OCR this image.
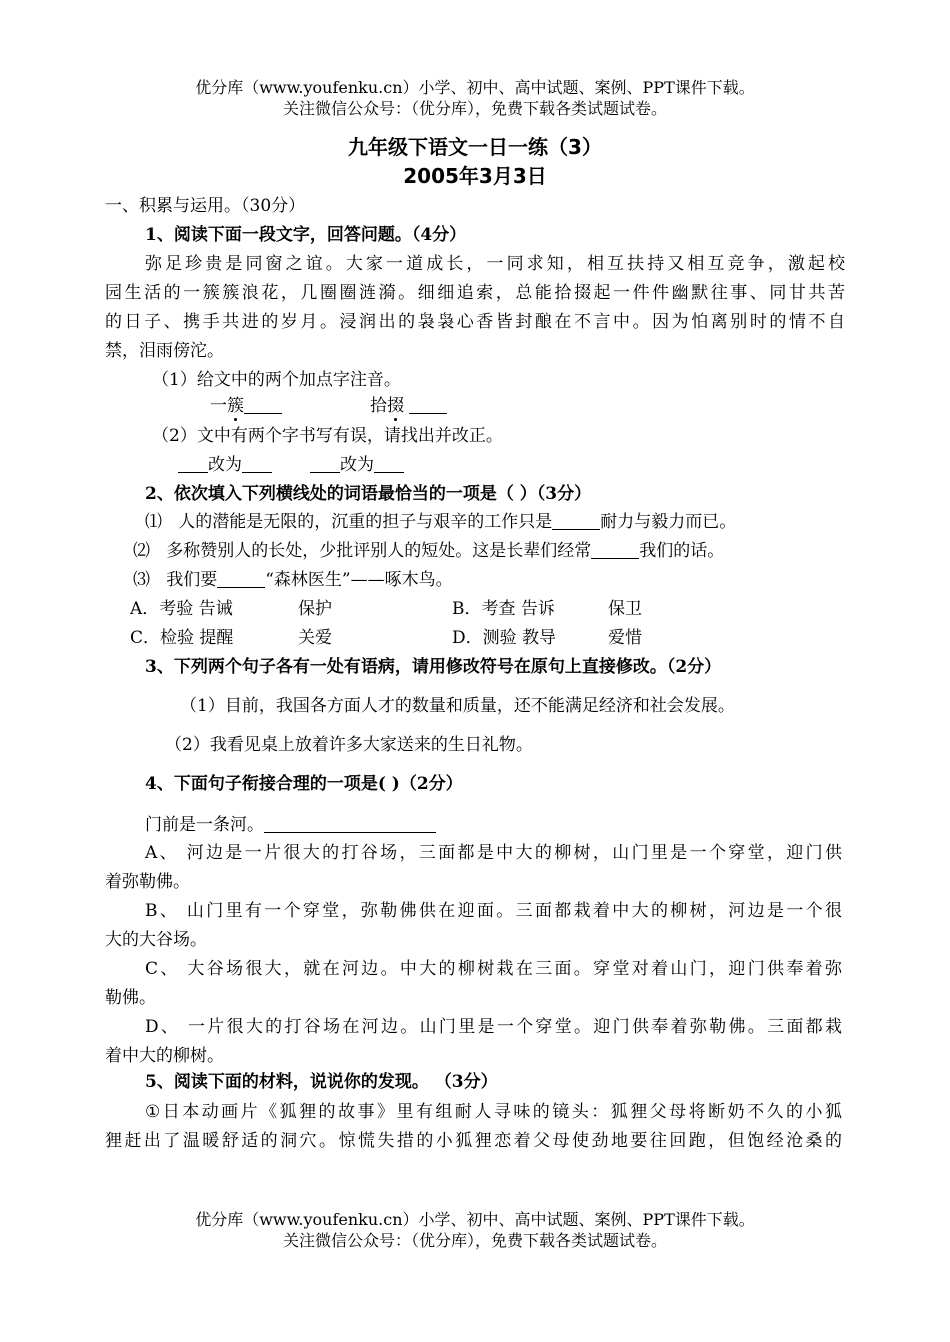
优分库（www.youfenku.cn）小学、初中、高中试题、案例、PPT课件下载。
关注微信公众号：（优分库），免费下载各类试题试卷。
九年级下语文一日一练（3）
2005年3月3日
一、积累与运用。（30分）
1、阅读下面一段文字，回答问题。（4分）
弥足珍贵是同窗之谊。大家一道成长，一同求知，相互扶持又相互竞争，激起校
园生活的一簇簇浪花，几圈圈涟漪。细细追索，总能拾掇起一件件幽默往事、同甘共苦
的日子、携手共进的岁月。浸润出的袅袅心香皆封酿在不言中。因为怕离别时的情不自
禁，泪雨傍沱。
（1）给文中的两个加点字注音。
一簇	拾掇
（2）文中有两个字书写有误，请找出并改正。
改为	改为
2、依次填入下列横线处的词语最恰当的一项是（ ）（3分）
⑴ 人的潜能是无限的，沉重的担子与艰辛的工作只是	耐力与毅力而已。
⑵ 多称赞别人的长处，少批评别人的短处。这是长辈们经常	我们的话。
⑶ 我们要	“森林医生”——啄木鸟。
A．考验 告诫	保护	B．考查 告诉	保卫
C．检验 提醒	关爱	D．测验 教导	爱惜
3、下列两个句子各有一处有语病，请用修改符号在原句上直接修改。（2分）
（1）目前，我国各方面人才的数量和质量，还不能满足经济和社会发展。
（2）我看见桌上放着许多大家送来的生日礼物。
4、下面句子衔接合理的一项是( )（2分）
门前是一条河。
A、 河边是一片很大的打谷场，三面都是中大的柳树，山门里是一个穿堂，迎门供
着弥勒佛。
B、 山门里有一个穿堂，弥勒佛供在迎面。三面都栽着中大的柳树，河边是一个很
大的大谷场。
C、 大谷场很大，就在河边。中大的柳树栽在三面。穿堂对着山门，迎门供奉着弥
勒佛。
D、 一片很大的打谷场在河边。山门里是一个穿堂。迎门供奉着弥勒佛。三面都栽
着中大的柳树。
5、阅读下面的材料，说说你的发现。 （3分）
①日本动画片《狐狸的故事》里有组耐人寻味的镜头：狐狸父母将断奶不久的小狐
狸赶出了温暖舒适的洞穴。惊慌失措的小狐狸恋着父母使劲地要往回跑，但饱经沧桑的
优分库（www.youfenku.cn）小学、初中、高中试题、案例、PPT课件下载。
关注微信公众号：（优分库），免费下载各类试题试卷。
